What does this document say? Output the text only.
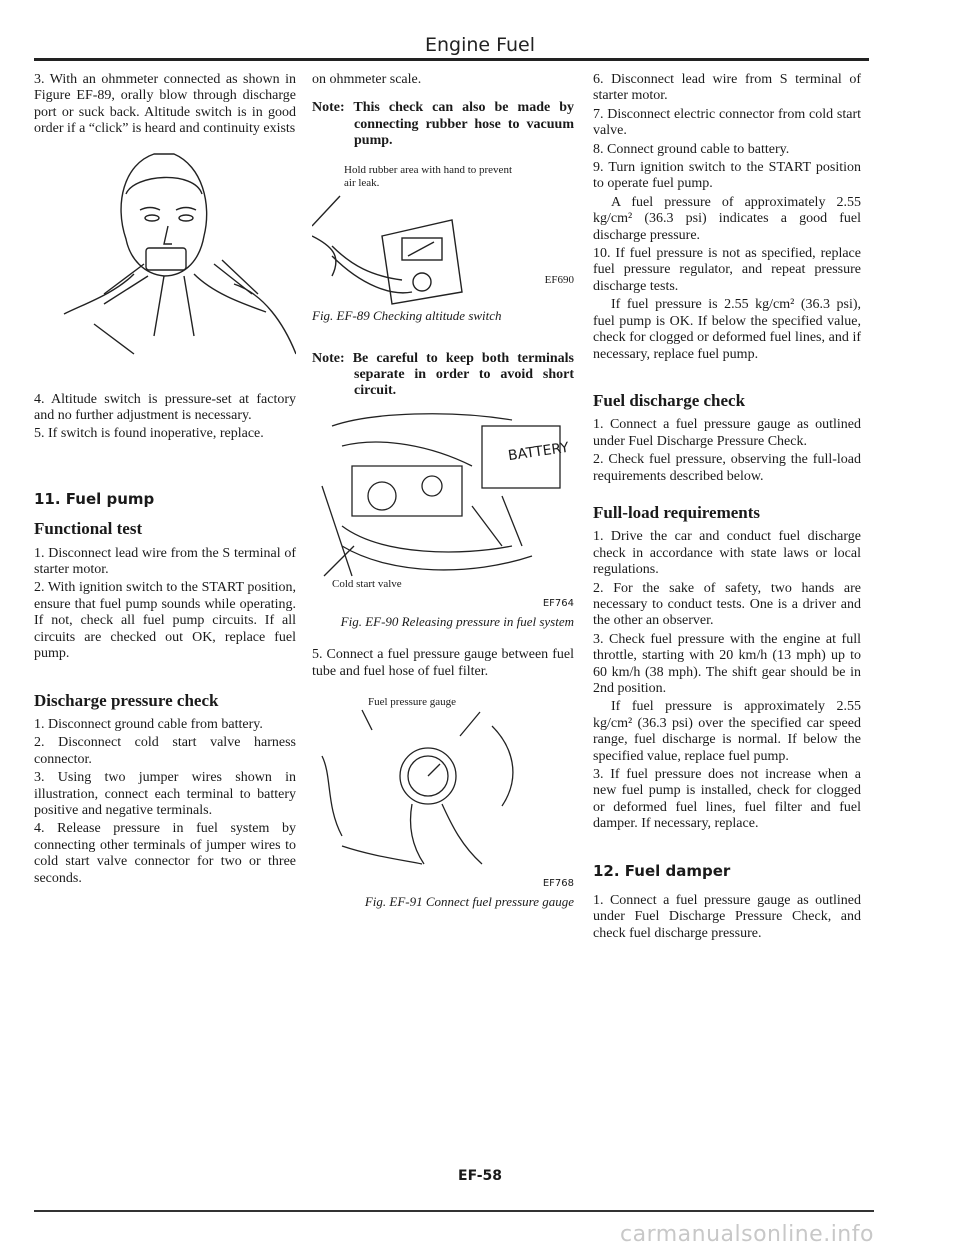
Engine Fuel

3. With an ohmmeter connected as shown in Figure EF-89, orally blow through discharge port or suck back. Altitude switch is in good order if a “click” is heard and continuity exists

4. Altitude switch is pressure-set at factory and no further adjustment is necessary.

5. If switch is found inoperative, replace.

11. Fuel pump
Functional test

1. Disconnect lead wire from the S terminal of starter motor.

2. With ignition switch to the START position, ensure that fuel pump sounds while operating. If not, check all fuel pump circuits. If all circuits are checked out OK, replace fuel pump.

Discharge pressure check

1. Disconnect ground cable from battery.

2. Disconnect cold start valve harness connector.

3. Using two jumper wires shown in illustration, connect each terminal to battery positive and negative terminals.

4. Release pressure in fuel system by connecting other terminals of jumper wires to cold start valve connector for two or three seconds.

on ohmmeter scale.

Note: This check can also be made by connecting rubber hose to vacuum pump.

Hold rubber area with hand to prevent air leak.
EF690
Fig. EF-89 Checking altitude switch

Note: Be careful to keep both terminals separate in order to avoid short circuit.

BATTERY
Cold start valve
EF764
Fig. EF-90 Releasing pressure in fuel system

5. Connect a fuel pressure gauge between fuel tube and fuel hose of fuel filter.

Fuel pressure gauge
EF768
Fig. EF-91 Connect fuel pressure gauge

6. Disconnect lead wire from S terminal of starter motor.

7. Disconnect electric connector from cold start valve.

8. Connect ground cable to battery.

9. Turn ignition switch to the START position to operate fuel pump.

A fuel pressure of approximately 2.55 kg/cm² (36.3 psi) indicates a good fuel discharge pressure.

10. If fuel pressure is not as specified, replace fuel pressure regulator, and repeat pressure discharge tests.

If fuel pressure is 2.55 kg/cm² (36.3 psi), fuel pump is OK. If below the specified value, check for clogged or deformed fuel lines, and if necessary, replace fuel pump.

Fuel discharge check

1. Connect a fuel pressure gauge as outlined under Fuel Discharge Pressure Check.

2. Check fuel pressure, observing the full-load requirements described below.

Full-load requirements

1. Drive the car and conduct fuel discharge check in accordance with state laws or local regulations.

2. For the sake of safety, two hands are necessary to conduct tests. One is a driver and the other an observer.

3. Check fuel pressure with the engine at full throttle, starting with 20 km/h (13 mph) up to 60 km/h (38 mph). The shift gear should be in 2nd position.

If fuel pressure is approximately 2.55 kg/cm² (36.3 psi) over the specified car speed range, fuel discharge is normal. If below the specified value, replace fuel pump.

3. If fuel pressure does not increase when a new fuel pump is installed, check for clogged or deformed fuel lines, fuel filter and fuel damper. If necessary, replace.

12. Fuel damper

1. Connect a fuel pressure gauge as outlined under Fuel Discharge Pressure Check, and check fuel discharge pressure.

EF-58
carmanualsonline.info
